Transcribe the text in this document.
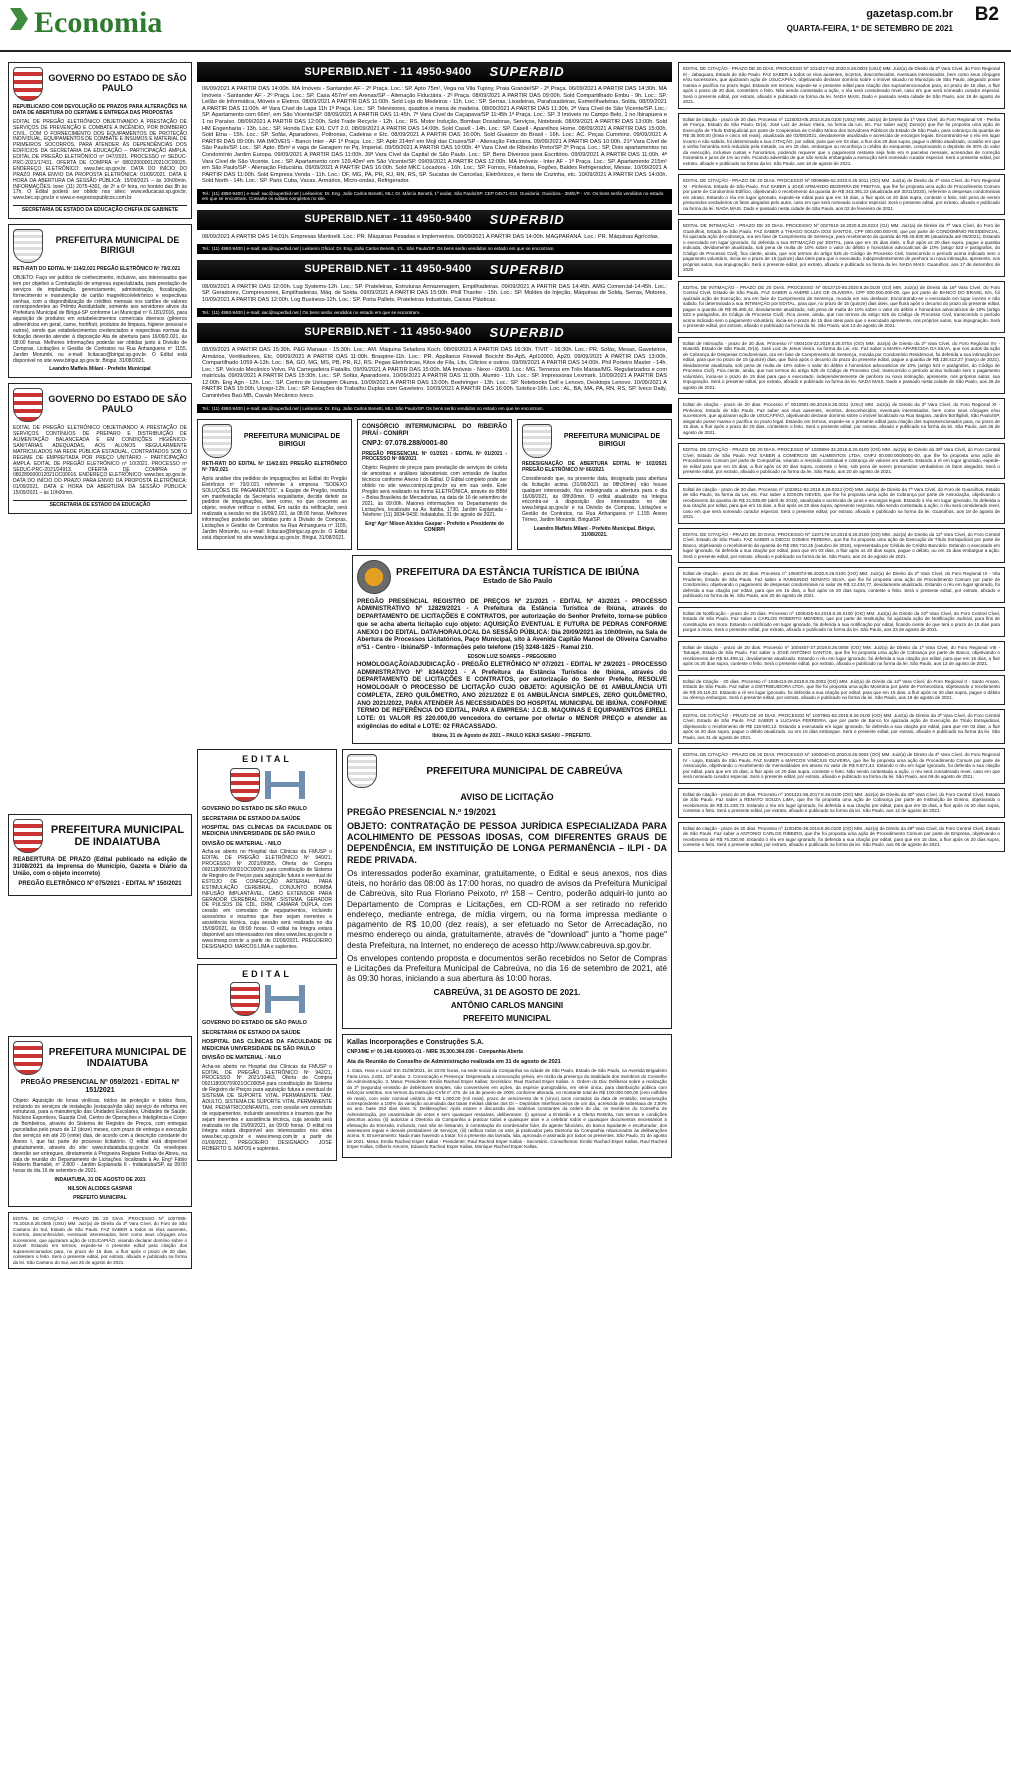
Economia	gazetasp.com.br B2
QUARTA-FEIRA, 1º DE SETEMBRO DE 2021
GOVERNO DO ESTADO DE SÃO PAULO

REPUBLICADO COM DEVOLUÇÃO DE PRAZOS PARA ALTERAÇÕES NA DATA DE ABERTURA DO CERTAME E ENTREGA DAS PROPOSTAS

EDITAL DE PREGÃO ELETRÔNICO OBJETIVANDO A PRESTAÇÃO DE SERVIÇOS DE PREVENÇÃO E COMBATE A INCÊNDIO, POR BOMBEIRO CIVIL, COM O FORNECIMENTO DOS EQUIPAMENTOS DE PROTEÇÃO INDIVIDUAL, EQUIPAMENTOS DE COMBATE E INSUMOS E MATERIAL DE PRIMEIROS SOCORROS, PARA ATENDER ÀS DEPENDÊNCIAS DOS EDIFÍCIOS DA SECRETARIA DA EDUCAÇÃO – PARTICIPAÇÃO AMPLA. EDITAL DE PREGÃO ELETRÔNICO nº 047/2021. PROCESSO nº SEDUC-PRC-2021/17431. OFERTA DE COMPRA nº 080220000012021OC00025. ENDEREÇO ELETRÔNICO: www.bec.sp.gov.br. DATA DO INÍCIO DO PRAZO PARA ENVIO DA PROPOSTA ELETRÔNICA: 01/09/2021. DATA E HORA DA ABERTURA DA SESSÃO PÚBLICA: 15/09/2021 – às 10h00min. INFORMAÇÕES: tone: (11) 2075-4301, de 2ª a 6ª feira, no horário das 8h às 17h. O Edital poderá ser obtido nos sites: www.educacao.sp.gov.br, www.bec.sp.gov.br e www.e-negociospublicos.com.br.

SECRETARIA DE ESTADO DA EDUCAÇÃO CHEFIA DE GABINETE
PREFEITURA MUNICIPAL DE BIRIGUI

RETI-RATI DO EDITAL Nº 114/2.021 PREGÃO ELETRÔNICO Nº 79/2.021

OBJETO: Faço ver publico de conhecimento, inclusive, aos interessados que tem por objetivo a Contratação de empresa especializada, para prestação de serviços de implantação, gerenciamento, administração, fiscalização, fornecimento e manutenção de cartão magnético/eletrônico e respectivas senhas, com a disponibilização de créditos mensais nos cartões de valores correspondentes ao Prêmio Assiduidade, somente aos servidores ativos da Prefeitura Municipal de Birigui-SP conforme Lei Municipal nº 6.181/2016, para aquisição de produtos em estabelecimentos comerciais diversos (gêneros alimentícios em geral, carne, hortifruti, produtos de limpeza, higiene pessoal e outros), sendo que estabelecimentos credenciados e respectivas normas da licitação deverão atender à disposição Ata de abertura para 16/09/2.021, às 08:00 horas. Melhores informações poderão ser obtidas junto à Divisão de Compras, Licitações e Gestão de Contratos na Rua Anhanguera nº 1155, Jardim Morumbi, ou e-mail: licitacao@birigui.sp.gov.br. O Edital está disponível no site www.birigui.sp.gov.br. Birigui, 31/08/2021.

Leandro Maffeis Milani - Prefeito Municipal
GOVERNO DO ESTADO DE SÃO PAULO

EDITAL DE PREGÃO ELETRÔNICO OBJETIVANDO A PRESTAÇÃO DE SERVIÇOS CONTÍNUOS DE PREPARO E DISTRIBUIÇÃO DE ALIMENTAÇÃO BALANCEADA E EM CONDIÇÕES HIGIÊNICO-SANITÁRIAS ADEQUADAS, AOS ALUNOS REGULARMENTE MATRICULADOS NA REDE PÚBLICA ESTADUAL, CONTRATADOS SOB O REGIME DE EMPREITADA POR PREÇO UNITÁRIO – PARTICIPAÇÃO AMPLA. EDITAL DE PREGÃO ELETRÔNICO nº 10/2021. PROCESSO nº SEDUC-PRC-2021/24913. OFERTA DE COMPRA nº 080289000012021OC00016. ENDEREÇO ELETRÔNICO: www.bec.sp.gov.br. DATA DO INÍCIO DO PRAZO PARA ENVIO DA PROPOSTA ELETRÔNICA: 01/09/2021. DATA E HORA DA ABERTURA DA SESSÃO PÚBLICA: 15/09/2021 – às 10h00min.

SECRETARIA DE ESTADO DA EDUCAÇÃO
PREFEITURA MUNICIPAL DE INDAIATUBA

REABERTURA DE PRAZO (Edital publicado na edição de 31/08/2021 da Imprensa do Município, Gazeta e Diário da União, com o objeto incorreto)

PREGÃO ELETRÔNICO Nº 075/2021 - EDITAL Nº 150/2021

PREFEITURA MUNICIPAL DE INDAIATUBA

PREGÃO PRESENCIAL Nº 059/2021 - EDITAL Nº 151/2021

Objeto: Aquisição de lonas vinílicas, toldos de proteção e toldos fixos, incluindo os serviços de instalação (estacas/não são) serviço de reforma em estruturas, para a manutenção das Unidades Escolares, Unidades de Saúde, Núcleos Esportivos, Guarda Civil, Centro de Operações e Inteligência e Corpo de Bombeiros, através do Sistema de Registro de Preços, com entregas parceladas pelo prazo de 12 (doze) meses, com prazo de entrega e execução dos serviços em até 20 (vinte) dias, de acordo com a descrição constante do Anexo I, que faz parte do processo licitatório. O edital está disponível gratuitamente, através do site: www.indaiatuba.sp.gov.br. Os envelopes deverão ser entregues, diretamente à Pregoeira Regiane Freitas de Abreu, na sala de reunião do Departamento de Licitações, localizada à Av. Engº Fábio Roberto Barnabé, nº 2.800 - Jardim Esplanada II - Indaiatuba/SP, às 09:00 horas do dia 16 de setembro de 2021.

INDAIATUBA, 31 DE AGOSTO DE 2021
NILSON ALCIDES GASPAR
PREFEITO MUNICIPAL
EDITAL DE CITAÇÃO - PRAZO DE 20 DIAS. PROCESSO Nº 1007095-75.2018.8.26.0565 (USU) MM. Juiz(a) de Direito da 3ª Vara Cível, do Foro de São Caetano do Sul, Estado de São Paulo. FAZ SABER a todos os réus ausentes, incertos, desconhecidos, eventuais interessados, bem como seus cônjuges e/ou sucessores, que ajuizaram ação de USUCAPIÃO, visando declarar domínio sobre o imóvel. Estando em termos, expede-se o presente edital para citação dos supramencionados para, no prazo de 15 dias, a fluir após o prazo de 20 dias, contestem o feito. Será o presente edital, por extrato, afixado e publicado na forma da lei. São Caetano do Sul, aos 25 de agosto de 2021.
SUPERBID.NET - 11 4950-9400 SUPERBID
06/09/2021 A PARTIR DAS 14:00h. MA Imóveis - Santander AF - 2º Praça. Loc.: SP. Apto 75m², Vega na Vila Tupiny, Praia Grande/SP - 2º Praça. 06/09/2021 A PARTIR DAS 14:30h. MA Imóveis - Santander AF - 2º Praça. Loc.: SP. Casa 457m² em Arenas/SP - Alienação Fiduciária - 2º Praça. 08/09/2021 A PARTIR DAS 09:00h. Sold Compartilhado Embu - 9h. Loc.: SP. Leilão de Informática, Móveis e Eletros. 08/09/2021 A PARTIR DAS 11:00h. Sold Loja do Medeiros - 11h. Loc.: SP. Serras, Lixadeiras, Parafusadeiras, Esmerilhadeiras, Solda. 08/09/2021 A PARTIR DAS 11:00h. 4ª Vara Cível de Lapa 11h 1ª Praça. Loc.: SP. Televisores, quadros e mesa de madeira. 08/09/2021 A PARTIR DAS 11:30h. 2ª Vara Cível de São Vicente/SP. Loc.: SP. Apartamento com 66m², em São Vicente/SP. 08/09/2021 A PARTIR DAS 11:45h. 7ª Vara Cível de Caçapava/SP 11:45h 1ª Praça. Loc.: SP. 3 Imóveis no Campo Belo, 1 no Ibirapuera e 1 no Paraíso. 08/09/2021 A PARTIR DAS 12:00h. Sold Trade Recycle - 12h. Loc.: RS. Motor Indução, Bombas Dosadoras, Serviços, Notebook. 08/09/2021 A PARTIR DAS 13:00h. Sold HM Engenharia - 13h. Loc.: SP. Honda Civic EXL CVT 2.0. 08/09/2021 A PARTIR DAS 14:00h. Sold Casell - 14h. Loc.: SP. Casell - Aparelhos Home. 08/09/2021 A PARTIR DAS 15:00h. Sold Etna - 15h. Loc.: SP. Sofás, Aparadores, Poltronas, Cadeiras e Etc. 08/09/2021 A PARTIR DAS 16:00h. Sold Guascor do Brasil - 16h. Loc.: AC. Peças Cummins. 09/09/2021 A PARTIR DAS 09:00h. MA IMÓVEIS - Banco Inter - AF 1ª Praça. Loc.: SP. Apto 214m² em Moji das Cruzes/SP - Alienação Fiduciária. 09/09/2021 A PARTIR DAS 10:00h. 21ª Vara Cível de São Paulo/SP. Loc.: SP. Apto. 85m² e vaga de Garagem no Pq. Imperial. 09/09/2021 A PARTIR DAS 10:00h. 4ª Vara Cível de Ribeirão Preto/SP 2ª Praça. Loc.: SP. Dois apartamentos no Condomínio Jardim Europa. 09/09/2021 A PARTIR DAS 11:00h. 39ª Vara Cível da Capital de São Paulo. Loc.: SP. Bens Diversos para Escritório. 09/09/2021 A PARTIR DAS 11:00h. 4ª Vara Cível de São Vicente. Loc.: SP. Apartamento com 129,40m² em São Vicente/SP. 09/09/2021 A PARTIR DAS 12:00h. MA Imóveis - Inter AF - 1ª Praça. Loc.: SP. Apartamento 215m² em São Paulo/SP - Alienação Fiduciária. 09/09/2021 A PARTIR DAS 16:00h. Sold MKC Locadora - 16h. Loc.: SP. Fornos, Fritadeiras, Fogões, Baldes Refrigerados, Mesas. 10/09/2021 A PARTIR DAS 11:00h. Sold Empresa Venda - 11h. Loc.: DF, MG, PA, PR, RJ, RN, RS, SP. Sucatas de Cancelas, Eletrônicos, e Itens de Cozinha, etc. 10/09/2021 A PARTIR DAS 14:00h. Sold North - 14h. Loc.: SP. Paris Cuba, Vacas, Armários, Micro-ondas, Refrigerador.
Tel.: (11) 4950-9400 | e-mail: sac@superbid.net | Leiloeiros: Dr. Eng. João Carlos Benetti, MLI; Dr. Márcio Benetti, 1º andar, São Paulo/SP. CEP 04571-010. Ouvidoria: Ouvidora - 3M/E/P - VS. Os bens serão vendidos no estado em que se encontram. Consulte os editais completos no site.
SUPERBID.NET - 11 4950-9400 SUPERBID
08/09/2021 A PARTIR DAS 14:01h. Empresas Martinelli. Loc.: PR. Máquinas Pesadas e Implementos. 09/09/2021 A PARTIR DAS 14:00h. MAGPARANÁ. Loc.: PR. Máquinas Agrícolas.
Tel.: (11) 4950-9400 | e-mail: sac@superbid.net | Leiloeiro Oficial: Dr. Eng. João Carlos Benetti, 1ºL. São Paulo/SP. Os bens serão vendidos no estado em que se encontram.
SUPERBID.NET - 11 4950-9400 SUPERBID
08/09/2021 A PARTIR DAS 12:00h. Lug Systems-12h. Loc.: SP. Prateleiras, Estruturas Armazenagem, Empilhadeiras. 09/09/2021 A PARTIR DAS 14:45h. AMG Comercial-14:45h. Loc.: SP. Geradores, Compressores, Empilhadeiras, Máq. de Solda. 09/09/2021 A PARTIR DAS 15:00h. Phill Thanfer - 15h. Loc.: SP. Moldes de Injeção, Máquinas de Solda, Serras, Motores. 10/09/2021 A PARTIR DAS 12:00h. Log Business-12h. Loc.: SP. Porta Pallets, Prateleiras Industriais, Caixas Plásticas.
Tel.: (11) 4950-9400 | e-mail: sac@superbid.net | Os bens serão vendidos no estado em que se encontram.
SUPERBID.NET - 11 4950-9400 SUPERBID
08/09/2021 A PARTIR DAS 15:30h. P&G Manaus - 15:30h. Loc.: AM. Máquina Seladora Koch. 08/09/2021 A PARTIR DAS 16:30h. TIVIT - 16:30h. Loc.: PR. Sofás, Mesas, Gaveteiros, Armários, Ventiladores, Etc. 09/09/2021 A PARTIR DAS 11:00h. Braspine-11h. Loc.: PR. Appliance Firewall Bocicht Bo-Ap5, Apl10000, Ap20. 09/09/2021 A PARTIR DAS 13:00h. Compartilhado 1059 A-13h. Loc.: BA, GO, MG, MS, PB, PR, RJ, RS. Pegas Eletrônicas, Kitos de Fila, Lits, Cilicios e outros. 09/09/2021 A PARTIR DAS 14:00h. Phil Porteiro Master - 14h. Loc.: SP. Veículo Mecânico Volvo, Pá Carregadeira Fiatallis. 09/09/2021 A PARTIR DAS 15:00h. MA Imóveis - Nexo - 09/09. Loc.: MG. Terrenos em Três Marias/MG. Regularizados e com matrícula. 09/09/2021 A PARTIR DAS 15:30h. Loc.: SP. Sofás, Aparadores. 10/09/2021 A PARTIR DAS 11:00h. Alumio - 11h. Loc.: SP. Impressoras Lexmark. 10/09/2021 A PARTIR DAS 12:00h. Eng Agn - 12h. Loc.: SP. Centro de Usinagem Okuma. 10/09/2021 A PARTIR DAS 13:00h. Boehringer - 13h. Loc.: SP. Notebooks Dell e Lenovo, Desktops Lenovo. 10/09/2021 A PARTIR DAS 15:00h. Unispr-12h. Loc.: SP. Estações de Trabalho Duplas com Gaveteiro. 10/09/2021 A PARTIR DAS 16:00h. Solstice-16h. Loc.: AL, BA, MA, PA, RN, RS, SP. Iveco Daily, Caminhões Baú MB, Cavalo Mecânico Iveco.
Tel.: (11) 4950-9400 | e-mail: sac@superbid.net | Leiloeiros: Dr. Eng. João Carlos Benetti, MLI. São Paulo/SP. Os bens serão vendidos no estado em que se encontram.
PREFEITURA MUNICIPAL DE BIRIGUI

RETI-RATI DO EDITAL Nº 114/2.021 PREGÃO ELETRÔNICO Nº 79/2.021

Após análise dos pedidos de impugnações ao Edital do Pregão Eletrônico nº 79/2.021 referente à empresa "SODEXO SOLUÇÕES DE PAGAMENTOS", a Equipe de Pregão, reunida em manifestação da Secretaria requisitante, decide deferir os pedidos de impugnações, bem como, no que concerne ao objeto, resolve retificar o edital. Em razão da retificação, será realizada a sessão no dia 16/09/2.021, às 08:00 horas. Melhores informações poderão ser obtidas junto à Divisão de Compras, Licitações e Gestão de Contratos na Rua Anhanguera nº 1155, Jardim Morumbi, ou e-mail: licitacao@birigui.sp.gov.br. O Edital está disponível no site www.birigui.sp.gov.br. Birigui, 31/08/2021.

CONSÓRCIO INTERMUNICIPAL DO RIBEIRÃO PIRAÍ - CONIRPI

CNPJ: 07.078.288/0001-80

PREGÃO PRESENCIAL Nº 01/2021 - EDITAL Nº 01/2021 - PROCESSO Nº 08/2021

Objeto: Registro de preços para prestação de serviços de coleta de amostras e análises laboratoriais com emissão de laudos técnicos conforme Anexo I do Edital. O Edital completo pode ser obtido no site www.conirpi.sp.gov.br ou em sua sede. Este Pregão será realizado na forma ELETRÔNICA, através do BBM – Bolsa Brasileira de Mercadorias, na data de 16 de setembro de 2021, às 09:00h. Maiores informações no Departamento de Licitações, localizado na Av. Itatiba, 1730, Jardim Esplanada - Telefone: (11) 3834-9430. Indaiatuba, 31 de agosto de 2021.

Engº Agrº Nilson Alcides Gaspar - Prefeito e Presidente do CONIRPI
PREFEITURA MUNICIPAL DE BIRIGUI

REDESIGNAÇÃO DE ABERTURA EDITAL Nº 102/2021 PREGÃO ELETRÔNICO Nº 66/2021

Considerando que, na presente data, designada para abertura da licitação acima (31/08/2021 às 08h30min) não houve qualquer interessado, fica redesignada a abertura para o dia 16/09/2021, às 08h30min. O edital atualizado na íntegra encontra-se à disposição dos interessados no site www.birigui.sp.gov.br e na Divisão de Compras, Licitações e Gestão de Contratos, na Rua Anhanguera nº 1.155 Anexo Térreo, Jardim Morumbi, Birigui/SP.

Leandro Maffeis Milani - Prefeito Municipal. Birigui, 31/08/2021.
PREFEITURA DA ESTÂNCIA TURÍSTICA DE IBIÚNA
Estado de São Paulo

PREGÃO PRESENCIAL REGISTRO DE PREÇOS Nº 21/2021 - EDITAL Nº 43/2021 - PROCESSO ADMINISTRATIVO Nº 12829/2021 - A Prefeitura da Estância Turística de Ibiúna, através do DEPARTAMENTO DE LICITAÇÕES E CONTRATOS, por autorização do Senhor Prefeito, torna-se público que se acha aberta licitação cujo objeto: AQUISIÇÃO EVENTUAL E FUTURA DE PEDRAS CONFORME ANEXO I DO EDITAL. DATA/HORA/LOCAL DA SESSÃO PÚBLICA: Dia 20/09/2021 às 10h00min, na Sala de Abertura de Processos Licitatórios, Paço Municipal, sito à Avenida Capitão Manoel de Oliveira Carvalho nº51 - Centro - Ibiúna/SP - Informações pelo telefone (15) 3248-1825 - Ramal 210.

EDSON LUIZ SOARES – PREGOEIRO

HOMOLOGAÇÃO/ADJUDICAÇÃO - PREGÃO ELETRÔNICO Nº 07/2021 - EDITAL Nº 29/2021 - PROCESSO ADMINISTRATIVO Nº 8344/2021 - A Prefeitura da Estância Turística de Ibiúna, através do DEPARTAMENTO DE LICITAÇÕES E CONTRATOS, por autorização do Senhor Prefeito, RESOLVE HOMOLOGAR O PROCESSO DE LICITAÇÃO CUJO OBJETO: AQUISIÇÃO DE 01 AMBULÂNCIA UTI COMPLETA, ZERO QUILÔMETRO, ANO 2021/2022 E 01 AMBULÂNCIA SIMPLES, ZERO QUILÔMETRO, ANO 2021/2022, PARA ATENDER ÀS NECESSIDADES DO HOSPITAL MUNICIPAL DE IBIÚNA. CONFORME TERMO DE REFERÊNCIA DO EDITAL, PARA A EMPRESA: J.C.B. MAQUINAS E EQUIPAMENTOS EIRELI. LOTE: 01 VALOR R$ 220.000,00 vencedora do certame por ofertar o MENOR PREÇO e atender as exigências do edital e LOTE: 02 FRACASSADO.

Ibiúna, 31 de Agosto de 2021 – PAULO KENJI SASAKI – PREFEITO.
EDITAL

GOVERNO DO ESTADO DE SÃO PAULO

SECRETARIA DE ESTADO DA SAÚDE

HOSPITAL DAS CLÍNICAS DA FACULDADE DE MEDICINA UNIVERSIDADE DE SÃO PAULO

DIVISÃO DE MATERIAL - NILO

Acha-se aberto no Hospital das Clínicas da FMUSP o EDITAL DE PREGÃO ELETRÔNICO Nº 940/21, PROCESSO Nº 2021/09955, Oferta de Compra 092118090759021OC00050 para constituição de Sistema de Registro de Preços para aquisição futura e eventual de ESTOJO DE CONFECÇÃO ARTERIAL PARA ESTIMULAÇÃO CEREBRAL, CONJUNTO BOMBA INFUSÃO IMPLANTÁVEL, CABO EXTENSOR PARA GERADOR CEREBRAL COMP. SISTEMA, GERADOR DE PULSOS DE CDL, DRM, CAMARA DUPLA, com cessão em comodato de equipamentos, incluindo acessórios e insumos que lhes sejam inerentes e assistência técnica, cuja sessão será realizada no dia 15/09/2021, às 09:00 horas. O edital na íntegra estará disponível aos interessados nos sites www.bec.sp.gov.br e www.imesp.com.br a partir de 01/09/2021. PREGOEIRO DESIGNADO: MARCOS LIMA e suplentes.

EDITAL

GOVERNO DO ESTADO DE SÃO PAULO

SECRETARIA DE ESTADO DA SAÚDE

HOSPITAL DAS CLÍNICAS DA FACULDADE DE MEDICINA UNIVERSIDADE DE SÃO PAULO

DIVISÃO DE MATERIAL - NILO

Acha-se aberto no Hospital das Clínicas da FMUSP o EDITAL DE PREGÃO ELETRÔNICO Nº 942/21, PROCESSO Nº 2021/10463, Oferta de Compra 092118090759021OC00054 para constituição de Sistema de Registro de Preços para aquisição futura e eventual de SISTEMA DE SUPORTE VITAL PERMANENTE TAM. ADULTO, SISTEMA DE SUPORTE VITAL PERMANENTE TAM. PEDIÁTRICO/INFANTIL, com cessão em comodato de equipamentos, incluindo acessórios e insumos que lhe sejam inerentes e assistência técnica, cuja sessão será realizada no dia 15/09/2021, às 09:00 horas. O edital na íntegra estará disponível aos interessados nos sites www.bec.sp.gov.br e www.imesp.com.br a partir de 01/09/2021. PREGOEIRO DESIGNADO: JOSÉ ROBERTO S. MATOS e suplentes.

PREFEITURA MUNICIPAL DE CABREÚVA
AVISO DE LICITAÇÃO

PREGÃO PRESENCIAL N.º 19/2021

OBJETO: CONTRATAÇÃO DE PESSOA JURÍDICA ESPECIALIZADA PARA ACOLHIMENTO DE PESSOAS IDOSAS, COM DIFERENTES GRAUS DE DEPENDÊNCIA, EM INSTITUIÇÃO DE LONGA PERMANÊNCIA – ILPI - DA REDE PRIVADA.

Os interessados poderão examinar, gratuitamente, o Edital e seus anexos, nos dias úteis, no horário das 08:00 às 17:00 horas, no quadro de avisos da Prefeitura Municipal de Cabreúva, sito Rua Floriano Peixoto, nº 158 – Centro, poderão adquiri-lo junto ao Departamento de Compras e Licitações, em CD-ROM a ser retirado no referido endereço, mediante entrega, de mídia virgem, ou na forma impressa mediante o pagamento de R$ 10,00 (dez reais), a ser efetuado no Setor de Arrecadação, no mesmo endereço ou ainda, gratuitamente, através de "download" junto a "home page" desta Prefeitura, na Internet, no endereço de acesso http://www.cabreuva.sp.gov.br.

Os envelopes contendo proposta e documentos serão recebidos no Setor de Compras e Licitações da Prefeitura Municipal de Cabreúva, no dia 16 de setembro de 2021, até às 09:30 horas, iniciando a sua abertura às 10:00 horas.

CABREÚVA, 31 DE AGOSTO DE 2021.
ANTÔNIO CARLOS MANGINI
PREFEITO MUNICIPAL

Kallas Incorporações e Construções S.A.

CNPJ/ME nº 00.148.416/0001-01 - NIRE 35.300.364.036 - Companhia Aberta

Ata da Reunião do Conselho de Administração realizada em 31 de agosto de 2021

1. Data, Hora e Local: Em 31/08/2021, às 10:00 horas, na sede social da Companhia na cidade de São Paulo, Estado de São Paulo, na Avenida Brigadeiro Faria Lima, 2.601, 10º andar. 2. Convocação e Presença: Dispensada a convocação prévia, em razão da presença da totalidade dos membros do Conselho de Administração. 3. Mesa: Presidente: Emilio Rached Esper Kallas; Secretário: Raul Rached Esper Kallas. 4. Ordem do Dia: Deliberar sobre a realização da 2ª (segunda) emissão de debêntures simples, não conversíveis em ações, da espécie quirografária, em série única, para distribuição pública com esforços restritos, nos termos da Instrução CVM nº 476, de 16 de janeiro de 2009, conforme alterada, no montante total de R$ 100.000.000,00 (cem milhões de reais), com valor nominal unitário de R$ 1.000,00 (mil reais), prazo de vencimento de 5 (cinco) anos contados da data de emissão, remuneração correspondente a 100% da variação acumulada das taxas médias diárias dos DI – Depósitos Interfinanceiros de um dia, acrescida de sobretaxa de 2,50% ao ano, base 252 dias úteis. 5. Deliberações: Após exame e discussão das matérias constantes da ordem do dia, os membros do Conselho de Administração, por unanimidade de votos e sem quaisquer ressalvas, deliberaram: (i) aprovar a Emissão e a Oferta Restrita, nos termos e condições descritos acima; (ii) autorizar a Diretoria da Companhia a praticar todos e quaisquer atos e a celebrar todos e quaisquer documentos necessários à efetivação da Emissão, incluindo, mas não se limitando, à contratação do coordenador líder, do agente fiduciário, do banco liquidante e escriturador, dos assessores legais e demais prestadores de serviços; (iii) ratificar todos os atos já praticados pela Diretoria da Companhia relacionados às deliberações acima. 6. Encerramento: Nada mais havendo a tratar, foi a presente ata lavrada, lida, aprovada e assinada por todos os presentes. São Paulo, 31 de agosto de 2021. Mesa: Emilio Rached Esper Kallas - Presidente; Raul Rached Esper Kallas - Secretário. Conselheiros: Emilio Rached Esper Kallas, Raul Rached Esper Kallas, Gilberto Amorim, Eduardo Rached Esper Kallas, Monique Rached Esper Kallas.

EDITAL DE CITAÇÃO - PRAZO DE 20 DIAS. PROCESSO Nº 1014217-62.2020.8.26.0003 (USU) MM. Juiz(a) de Direito da 2ª Vara Cível, do Foro Regional III - Jabaquara, Estado de São Paulo. FAZ SABER a todos os réus ausentes, incertos, desconhecidos, eventuais interessados, bem como seus cônjuges e/ou sucessores, que ajuizaram ação de USUCAPIÃO, objetivando declarar domínio sobre o imóvel situado no Município de São Paulo, alegando posse mansa e pacífica no prazo legal. Estando em termos, expede-se o presente edital para citação dos supramencionados para, no prazo de 15 dias, a fluir após o prazo de 20 dias, contestem o feito. Não sendo contestada a ação, o réu será considerado revel, caso em que será nomeado curador especial. Será o presente edital, por extrato, afixado e publicado na forma da lei. NADA MAIS. Dado e passado nesta cidade de São Paulo, aos 19 de agosto de 2021.
Edital de citação - prazo de 20 dias. Processo nº 1115003-05.2014.8.26.0100 (USU) MM. Juiz(a) de Direito da 1ª Vara Cível, do Foro Regional VII - Penha de França, Estado de São Paulo, Dr(a). José Luiz de Jesus Vieira, na forma da Lei, etc. Faz saber ao(s) Dono(s) que lhe foi proposta uma ação de Execução de Título Extrajudicial por parte de Cooperativa de Crédito Mútuo dos Servidores Públicos do Estado de São Paulo, para cobrança da quantia de R$ 35.000,00 (trinta e cinco mil reais), atualizada até 03/08/2021, devidamente atualizada e acrescida de encargos legais. Encontrando-se o réu em lugar incerto e não sabido, foi determinada a sua CITAÇÃO, por edital, para que em 03 dias, a fluir dos 20 dias supra, pague o débito atualizado, ocasião em que a verba honorária será reduzida pela metade, ou em 15 dias, embargue ou reconheça o crédito do exequente, comprovando o depósito de 30% do valor da execução, inclusive custas e honorários, podendo requerer que o pagamento restante seja feito em 6 parcelas mensais, acrescidas de correção monetária e juros de 1% ao mês. Ficando advertido de que não sendo embargada a execução será nomeado curador especial. Será o presente edital, por extrato, afixado e publicado na forma da lei. São Paulo, aos 18 de agosto de 2021.
EDITAL DE CITAÇÃO - PRAZO DE 20 DIAS. PROCESSO Nº 0009689-62.2020.8.26.0011 (OO) MM. Juiz(a) de Direito da 4ª Vara Cível, do Foro Regional XI - Pinheiros, Estado de São Paulo. FAZ SABER a JOSÉ ARMANDO BEZERRA DE FREITAS, que lhe foi proposta uma ação de Procedimento Comum por parte de Condomínio Edifício, objetivando o recebimento da quantia de R$ 343.391,23 (atualizada até 30/11/2020), referente a despesas condominiais em atraso. Estando o réu em lugar ignorado, expede-se edital para que em 15 dias, a fluir após os 20 dias supra, conteste o feito, sob pena de serem presumidos verdadeiros os fatos alegados pelo autor, caso em que será nomeado curador especial. Será o presente edital, por extrato, afixado e publicado na forma da lei. NADA MAIS. Dado e passado nesta cidade de São Paulo, aos 02 de fevereiro de 2021.
EDITAL DE INTIMAÇÃO - PRAZO DE 20 DIAS. PROCESSO Nº 0027610-18.2020.8.26.0224 (OJ) MM. Juiz(a) de Direito da 7ª Vara Cível, do Foro de Guarulhos, Estado de São Paulo. FAZ SABER a THIAGO SOUZA DOS SANTOS, CPF 000.000.000-00, que por parte de CONDOMÍNIO RESIDENCIAL, foi ajuizada ação de cobrança, ora em fase de Cumprimento de Sentença, para recebimento da quantia de R$ 45.830,95 (atualizada até 05/2021). Estando o executado em lugar ignorado, foi deferida a sua INTIMAÇÃO por EDITAL, para que em 15 dias úteis, a fluir após os 20 dias supra, pague a quantia indicada, devidamente atualizada, sob pena de multa de 10% sobre o valor do débito e honorários advocatícios de 10% (artigo 523 e parágrafos, do Código de Processo Civil), fica ciente, ainda, que nos termos do artigo 525 do Código de Processo Civil, transcorrido o período acima indicado sem o pagamento voluntário, inicia-se o prazo de 15 (quinze) dias úteis para que o executado, independentemente de penhora ou nova intimação, apresente, nos próprios autos, sua impugnação. Será o presente edital, por extrato, afixado e publicado na forma da lei. NADA MAIS. Guarulhos, aos 17 de dezembro de 2020.
EDITAL DE INTIMAÇÃO - PRAZO DE 20 DIAS. PROCESSO Nº 0013710-80.2020.8.26.0100 (OJ) MM. Juiz(a) de Direito da 16ª Vara Cível, do Foro Central Cível, Estado de São Paulo. FAZ SABER a ANDRÉ LUIS DE OLIVEIRA, CPF 000.000.000-00, que por parte de BANCO DO BRASIL S/A, foi ajuizada ação de Execução, ora em fase de Cumprimento de Sentença, movida em seu desfavor. Encontrando-se o executado em lugar incerto e não sabido, foi determinada a sua INTIMAÇÃO por EDITAL, para que, no prazo de 15 (quinze) dias úteis, que fluirá após o decurso do prazo do presente edital, pague a quantia de R$ 85.480,42, devidamente atualizada, sob pena de multa de 10% sobre o valor do débito e honorários advocatícios de 10% (artigo 523 e parágrafos, do Código de Processo Civil). Fica ciente, ainda, que nos termos do artigo 525 do Código de Processo Civil, transcorrido o período acima indicado sem o pagamento voluntário, inicia-se o prazo de 15 dias úteis para que o executado apresente, nos próprios autos, sua impugnação. Será o presente edital, por extrato, afixado e publicado na forma da lei. São Paulo, aos 13 de agosto de 2021.
Edital de Intimação - prazo de 20 dias. Processo nº 0004104-22.2019.8.26.0704 (OO) MM. Juiz(a) de Direito da 2ª Vara Cível, do Foro Regional XV - Butantã, Estado de São Paulo, Dr(a). José Luiz de Jesus Vieira, na forma da Lei, etc. Faz saber a MARIA APARECIDA DA SILVA, que nos autos da ação de Cobrança de Despesas Condominiais, ora em fase de Cumprimento de Sentença, movida por Condomínio Residencial, foi deferida a sua intimação por edital, para que no prazo de 15 (quinze) dias, que fluirá após o decurso do prazo do presente edital, pague a quantia de R$ 138.412,27 (março de 2021), devidamente atualizada, sob pena de multa de 10% sobre o valor do débito e honorários advocatícios de 10% (artigo 523 e parágrafos, do Código de Processo Civil). Fica ciente, ainda, que nos termos do artigo 525 do Código de Processo Civil, transcorrido o período acima indicado sem o pagamento voluntário, inicia-se o prazo de 15 dias para que o executado, independentemente de penhora ou nova intimação, apresente, nos próprios autos, sua impugnação. Será o presente edital, por extrato, afixado e publicado na forma da lei. NADA MAIS. Dado e passado nesta cidade de São Paulo, aos 26 de agosto de 2021.
Edital de citação - prazo de 20 dias. Processo nº 0010901-90.2019.8.26.0011 (USU) MM. Juiz(a) de Direito da 3ª Vara Cível, do Foro Regional XI - Pinheiros, Estado de São Paulo. Faz saber aos réus ausentes, incertos, desconhecidos, eventuais interessados, bem como seus cônjuges e/ou sucessores, que ajuizaram ação de USUCAPIÃO, objetivando declarar domínio sobre o imóvel localizado na Rua Itaigara, Jardim Bonfiglioli, São Paulo/SP, alegando posse mansa e pacífica no prazo legal. Estando em termos, expede-se o presente edital para citação dos supramencionados para, no prazo de 15 dias, a fluir após o prazo de 20 dias, contestem o feito. Será o presente edital, por extrato, afixado e publicado na forma da lei. São Paulo, aos 26 de agosto de 2021.
EDITAL DE CITAÇÃO - PRAZO DE 20 DIAS. PROCESSO Nº 1029894-32.2018.8.26.0100 (OO) MM. Juiz(a) de Direito da 36ª Vara Cível, do Foro Central Cível, Estado de São Paulo. FAZ SABER a COMÉRCIO DE ALIMENTOS LTDA, CNPJ 00.000.000/0001-00, que lhe foi proposta uma ação de Procedimento Comum por parte de Companhia, visando a rescisão contratual e cobrança de valores em aberto. Estando a ré em lugar ignorado, expede-se edital para que em 15 dias, a fluir após os 20 dias supra, conteste o feito, sob pena de serem presumidos verdadeiros os fatos alegados. Será o presente edital, por extrato, afixado e publicado na forma da lei. São Paulo, aos 20 de agosto de 2021.
Edital de citação - prazo de 20 dias. Processo nº 1023611-82.2019.8.26.0224 (OO) MM. Juiz(a) de Direito da 7ª Vara Cível, do Foro de Guarulhos, Estado de São Paulo, na forma da Lei, etc. Faz saber a EDSON NEVES, que lhe foi proposta uma ação de Cobrança por parte de Associação, objetivando o recebimento da quantia de R$ 21.536,80 (abril de 2019), atualizada e acrescida de juros e encargos legais. Estando o réu em lugar ignorado, foi deferida a sua citação por edital, para que em 15 dias, a fluir após os 20 dias supra, apresente resposta. Não sendo contestada a ação, o réu será considerado revel, caso em que será nomeado curador especial. Será o presente edital, por extrato, afixado e publicado na forma da lei. Guarulhos, aos 18 de agosto de 2021.
EDITAL DE CITAÇÃO - PRAZO DE 20 DIAS. PROCESSO Nº 1107179-10.2018.8.26.0100 (OO) MM. Juiz(a) de Direito da 11ª Vara Cível, do Foro Central Cível, Estado de São Paulo. FAZ SABER a DIEGO GOMES PEREIRA, que lhe foi proposta uma ação de Execução de Título Extrajudicial por parte de Banco, objetivando o recebimento da quantia de R$ 256.710,45 (outubro de 2018), representada por Cédula de Crédito Bancário. Estando o executado em lugar ignorado, foi deferida a sua citação por edital, para que em 03 dias, a fluir após os 20 dias supra, pague o débito, ou em 15 dias embargue a ação. Será o presente edital, por extrato, afixado e publicado na forma da lei. São Paulo, aos 24 de agosto de 2021.
Edital de citação - prazo de 20 dias. Processo nº 1084073-96.2020.8.26.0100 (OO) MM. Juiz(a) de Direito da 2ª Vara Cível, do Foro Regional IX - Vila Prudente, Estado de São Paulo. Faz saber a RAIMUNDO NONATO SILVA, que lhe foi proposta uma ação de Procedimento Comum por parte de Condomínio, objetivando o pagamento de despesas condominiais no valor de R$ 12.434,77, devidamente atualizado. Estando o réu em lugar ignorado, foi deferida a sua citação por edital, para que em 15 dias, a fluir após os 20 dias supra, conteste o feito. Será o presente edital, por extrato, afixado e publicado na forma da lei. São Paulo, aos 20 de agosto de 2021.
Edital de Notificação - prazo de 20 dias. Processo nº 1006425-54.2019.8.26.0100 (OO) MM. Juiz(a) de Direito da 22ª Vara Cível, do Foro Central Cível, Estado de São Paulo. Faz saber a CARLOS ROBERTO MENDES, que por parte de Instituição, foi ajuizada ação de Notificação Judicial, para fins de constituição em mora. Estando o notificado em lugar ignorado, foi deferida a sua notificação por edital, ficando ciente de que terá o prazo de 15 dias para purgar a mora. Será o presente edital, por extrato, afixado e publicado na forma da lei. São Paulo, aos 23 de agosto de 2021.
Edital de citação - prazo de 20 dias. Processo nº 1004467-37.2019.8.26.0008 (OO) MM. Juiz(a) de Direito da 1ª Vara Cível, do Foro Regional VIII - Tatuapé, Estado de São Paulo. Faz saber a JOSÉ ANTÔNIO SANTOS, que lhe foi proposta uma ação de Cobrança por parte de Banco, objetivando o recebimento de R$ 64.489,11, devidamente atualizado. Estando o réu em lugar ignorado, foi deferida a sua citação por edital, para que em 15 dias, a fluir após os 20 dias supra, conteste o feito. Será o presente edital, por extrato, afixado e publicado na forma da lei. São Paulo, aos 13 de agosto de 2021.
Edital de Citação - 20 dias. Processo nº 1045413-26.2019.8.26.0002 (OO) MM. Juiz(a) de Direito da 12ª Vara Cível, do Foro Regional II - Santo Amaro, Estado de São Paulo. Faz saber a DISTRIBUIDORA LTDA, que lhe foi proposta uma ação Monitória por parte de Fornecedora, objetivando o recebimento de R$ 26.119,33. Estando a ré em lugar ignorado, foi deferida a sua citação por edital, para que em 15 dias, a fluir após os 20 dias supra, pague o débito ou ofereça embargos. Será o presente edital, por extrato, afixado e publicado na forma da lei. São Paulo, aos 19 de agosto de 2021.
EDITAL DE CITAÇÃO - PRAZO DE 20 DIAS. PROCESSO Nº 1007981-82.2018.8.26.0100 (OO) MM. Juiz(a) de Direito da 3ª Vara Cível, do Foro Central Cível, Estado de São Paulo. FAZ SABER a LUCIANA FERREIRA, que por parte de Banco foi ajuizada ação de Execução de Título Extrajudicial, objetivando o recebimento de R$ 118.940,12. Estando a executada em lugar ignorado, foi deferida a sua citação por edital, para que em 03 dias, a fluir após os 20 dias supra, pague o débito atualizado, ou em 15 dias embargue. Será o presente edital, por extrato, afixado e publicado na forma da lei. São Paulo, aos 31 de agosto de 2021.
EDITAL DE CITAÇÃO - PRAZO DE 20 DIAS. PROCESSO Nº 1000040-02.2020.8.26.0004 (OO) MM. Juiz(a) de Direito da 4ª Vara Cível, do Foro Regional IV - Lapa, Estado de São Paulo. FAZ SABER a MARCOS VINÍCIUS OLIVEIRA, que lhe foi proposta uma ação de Procedimento Comum por parte de Associação, objetivando o recebimento de mensalidades em atraso no valor de R$ 9.871,44. Estando o réu em lugar ignorado, foi deferida a sua citação por edital, para que em 15 dias, a fluir após os 20 dias supra, conteste o feito. Não sendo contestada a ação, o réu será considerado revel, caso em que será nomeado curador especial. Será o presente edital, por extrato, afixado e publicado na forma da lei. São Paulo, aos 09 de agosto de 2021.
Edital de citação - prazo de 20 dias. Processo nº 1001421-55.2017.8.26.0100 (OO) MM. Juiz(a) de Direito da 40ª Vara Cível, do Foro Central Cível, Estado de São Paulo. Faz saber a RENATO SOUZA LIMA, que lhe foi proposta uma ação de Cobrança por parte de Instituição de Ensino, objetivando o recebimento de R$ 31.226,73. Estando o réu em lugar ignorado, foi deferida a sua citação por edital, para que em 15 dias, a fluir após os 20 dias supra, conteste o feito. Será o presente edital, por extrato, afixado e publicado na forma da lei. São Paulo, aos 12 de agosto de 2021.
Edital de citação - prazo de 20 dias. Processo nº 1100406-36.2019.8.26.0100 (OO) MM. Juiz(a) de Direito da 29ª Vara Cível, do Foro Central Cível, Estado de São Paulo. Faz saber a ANTONIO CARLOS RIBEIRO, que lhe foi proposta uma ação de Procedimento Comum por parte de Empresa, objetivando o recebimento de R$ 76.330,90. Estando o réu em lugar ignorado, foi deferida a sua citação por edital, para que em 15 dias, a fluir após os 20 dias supra, conteste o feito. Será o presente edital, por extrato, afixado e publicado na forma da lei. São Paulo, aos 05 de agosto de 2021.
